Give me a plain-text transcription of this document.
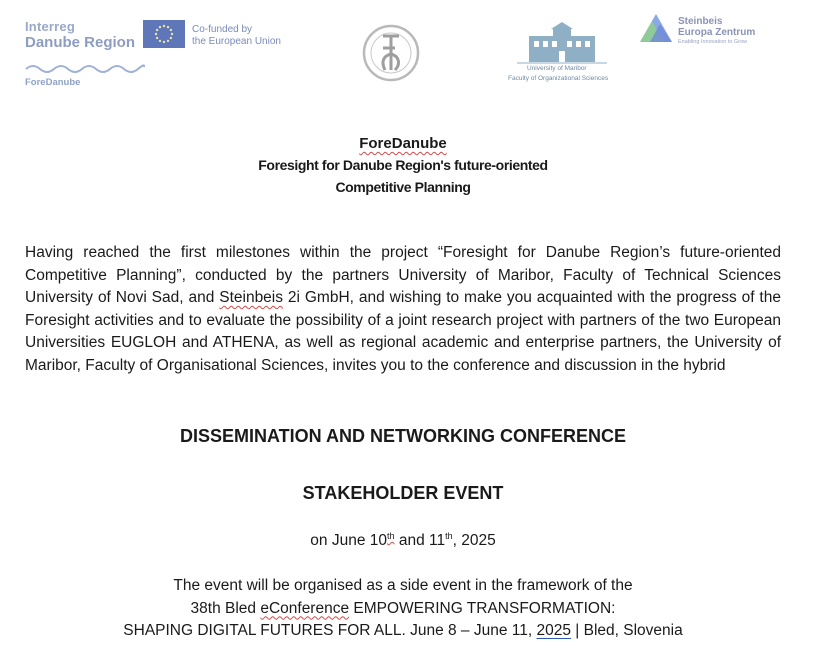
Interreg
Danube Region
Co-funded by
the European Union
ForeDanube
University of Maribor
Faculty of Organizational Sciences
Steinbeis
Europa Zentrum
Enabling Innovation to Grow
ForeDanube
Foresight for Danube Region's future-oriented
Competitive Planning

Having reached the first milestones within the project “Foresight for Danube Region’s future-oriented Competitive Planning”, conducted by the partners University of Maribor, Faculty of Technical Sciences University of Novi Sad, and Steinbeis 2i GmbH, and wishing to make you acquainted with the progress of the Foresight activities and to evaluate the possibility of a joint research project with partners of the two European Universities EUGLOH and ATHENA, as well as regional academic and enterprise partners, the University of Maribor, Faculty of Organisational Sciences, invites you to the conference and discussion in the hybrid

DISSEMINATION AND NETWORKING CONFERENCE
STAKEHOLDER EVENT
on June 10th and 11th, 2025
The event will be organised as a side event in the framework of the
38th Bled eConference EMPOWERING TRANSFORMATION:
SHAPING DIGITAL FUTURES FOR ALL. June 8 – June 11, 2025 | Bled, Slovenia
